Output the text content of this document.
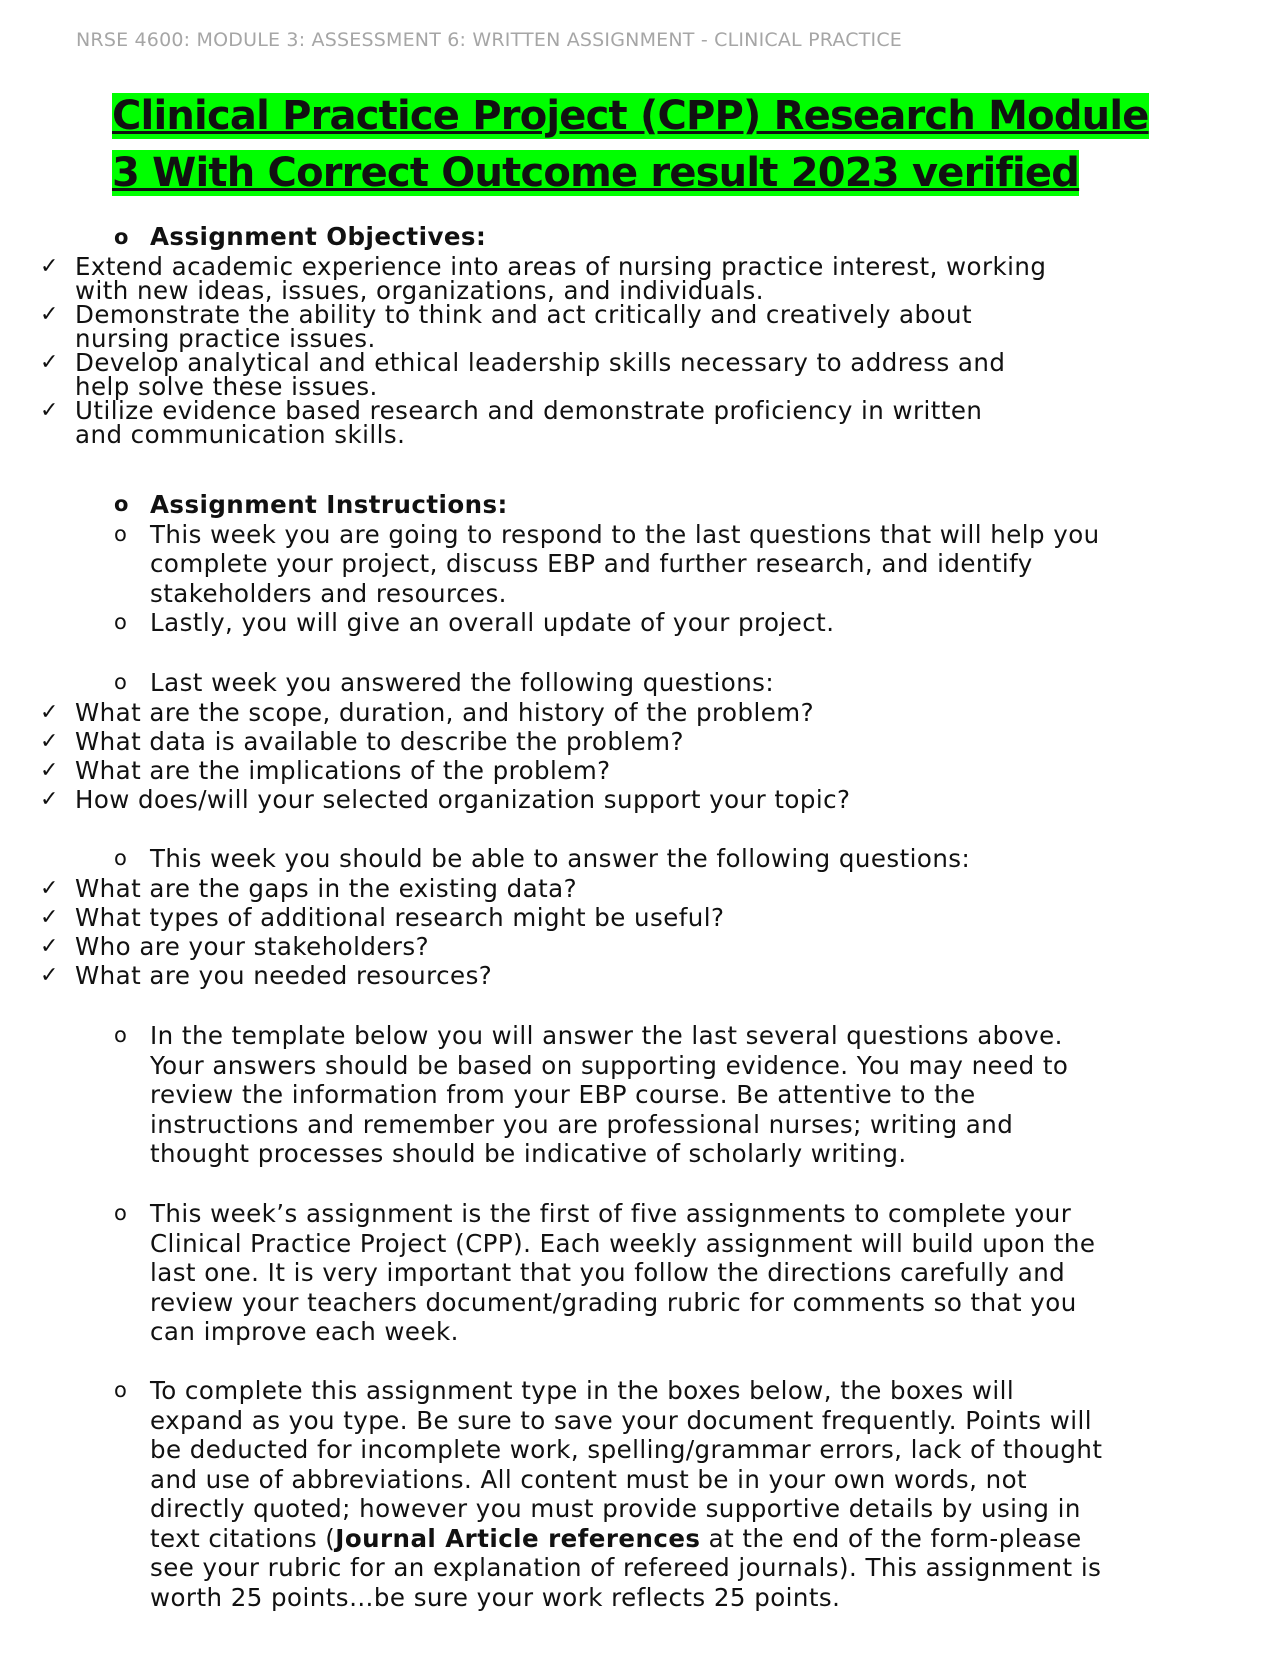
NRSE 4600: MODULE 3: ASSESSMENT 6: WRITTEN ASSIGNMENT - CLINICAL PRACTICE
Clinical Practice Project (CPP) Research Module
3 With Correct Outcome result 2023 verified
o Assignment Objectives:
✓ Extend academic experience into areas of nursing practice interest, working
with new ideas, issues, organizations, and individuals.
✓ Demonstrate the ability to think and act critically and creatively about
nursing practice issues.
✓ Develop analytical and ethical leadership skills necessary to address and
help solve these issues.
✓ Utilize evidence based research and demonstrate proficiency in written
and communication skills.
o Assignment Instructions:
o This week you are going to respond to the last questions that will help you
complete your project, discuss EBP and further research, and identify
stakeholders and resources.
o Lastly, you will give an overall update of your project.
o Last week you answered the following questions:
✓ What are the scope, duration, and history of the problem?
✓ What data is available to describe the problem?
✓ What are the implications of the problem?
✓ How does/will your selected organization support your topic?
o This week you should be able to answer the following questions:
✓ What are the gaps in the existing data?
✓ What types of additional research might be useful?
✓ Who are your stakeholders?
✓ What are you needed resources?
o In the template below you will answer the last several questions above.
Your answers should be based on supporting evidence. You may need to
review the information from your EBP course. Be attentive to the
instructions and remember you are professional nurses; writing and
thought processes should be indicative of scholarly writing.
o This week’s assignment is the first of five assignments to complete your
Clinical Practice Project (CPP). Each weekly assignment will build upon the
last one. It is very important that you follow the directions carefully and
review your teachers document/grading rubric for comments so that you
can improve each week.
o To complete this assignment type in the boxes below, the boxes will
expand as you type. Be sure to save your document frequently. Points will
be deducted for incomplete work, spelling/grammar errors, lack of thought
and use of abbreviations. All content must be in your own words, not
directly quoted; however you must provide supportive details by using in
text citations (Journal Article references at the end of the form-please
see your rubric for an explanation of refereed journals). This assignment is
worth 25 points…be sure your work reflects 25 points.
